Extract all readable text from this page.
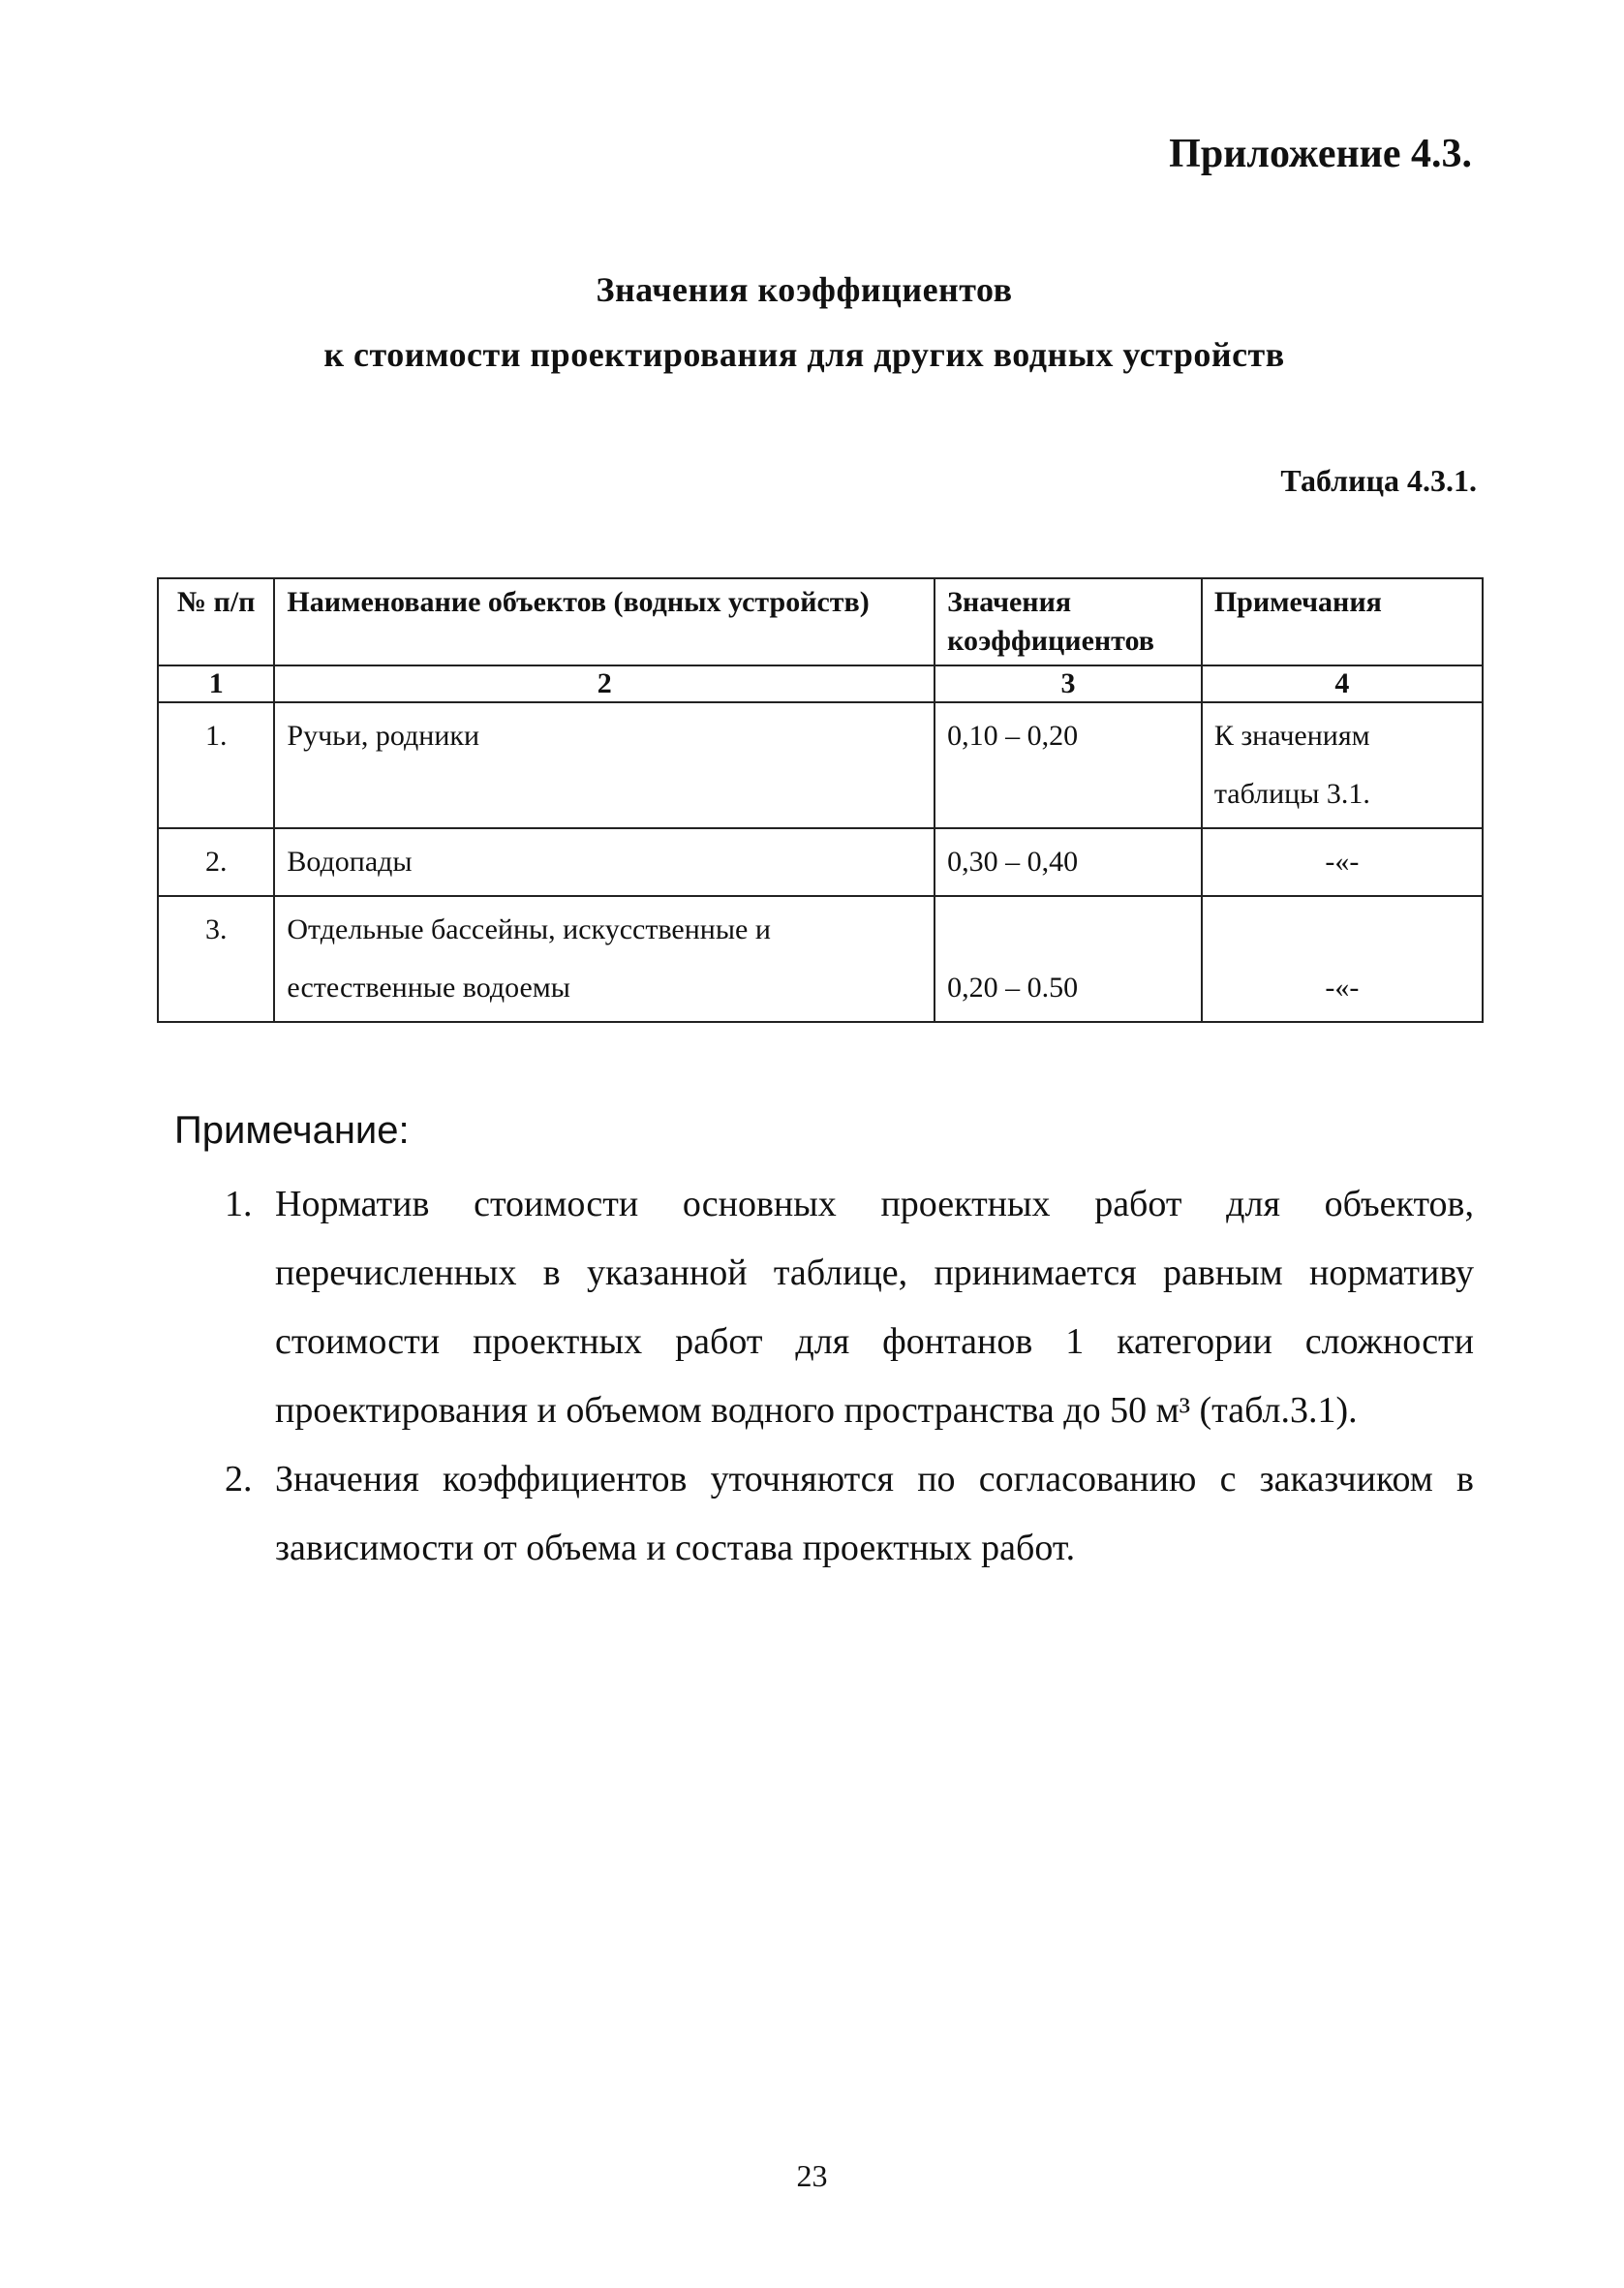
Приложение 4.3.
Значения коэффициентов
к стоимости проектирования для других водных устройств
Таблица 4.3.1.
№ п/п	Наименование объектов (водных устройств)	Значения коэффициентов	Примечания
1	2	3	4
1.	Ручьи, родники	0,10 – 0,20	К значениям таблицы 3.1.
2.	Водопады	0,30 – 0,40	-«-
3.	Отдельные бассейны, искусственные и естественные водоемы	0,20 – 0.50	-«-
Примечание:
1. Норматив стоимости основных проектных работ для объектов, перечисленных в указанной таблице, принимается равным нормативу стоимости проектных работ для фонтанов 1 категории сложности проектирования и объемом водного пространства до 50 м³ (табл.3.1).
2. Значения коэффициентов уточняются по согласованию с заказчиком в зависимости от объема и состава проектных работ.
23
